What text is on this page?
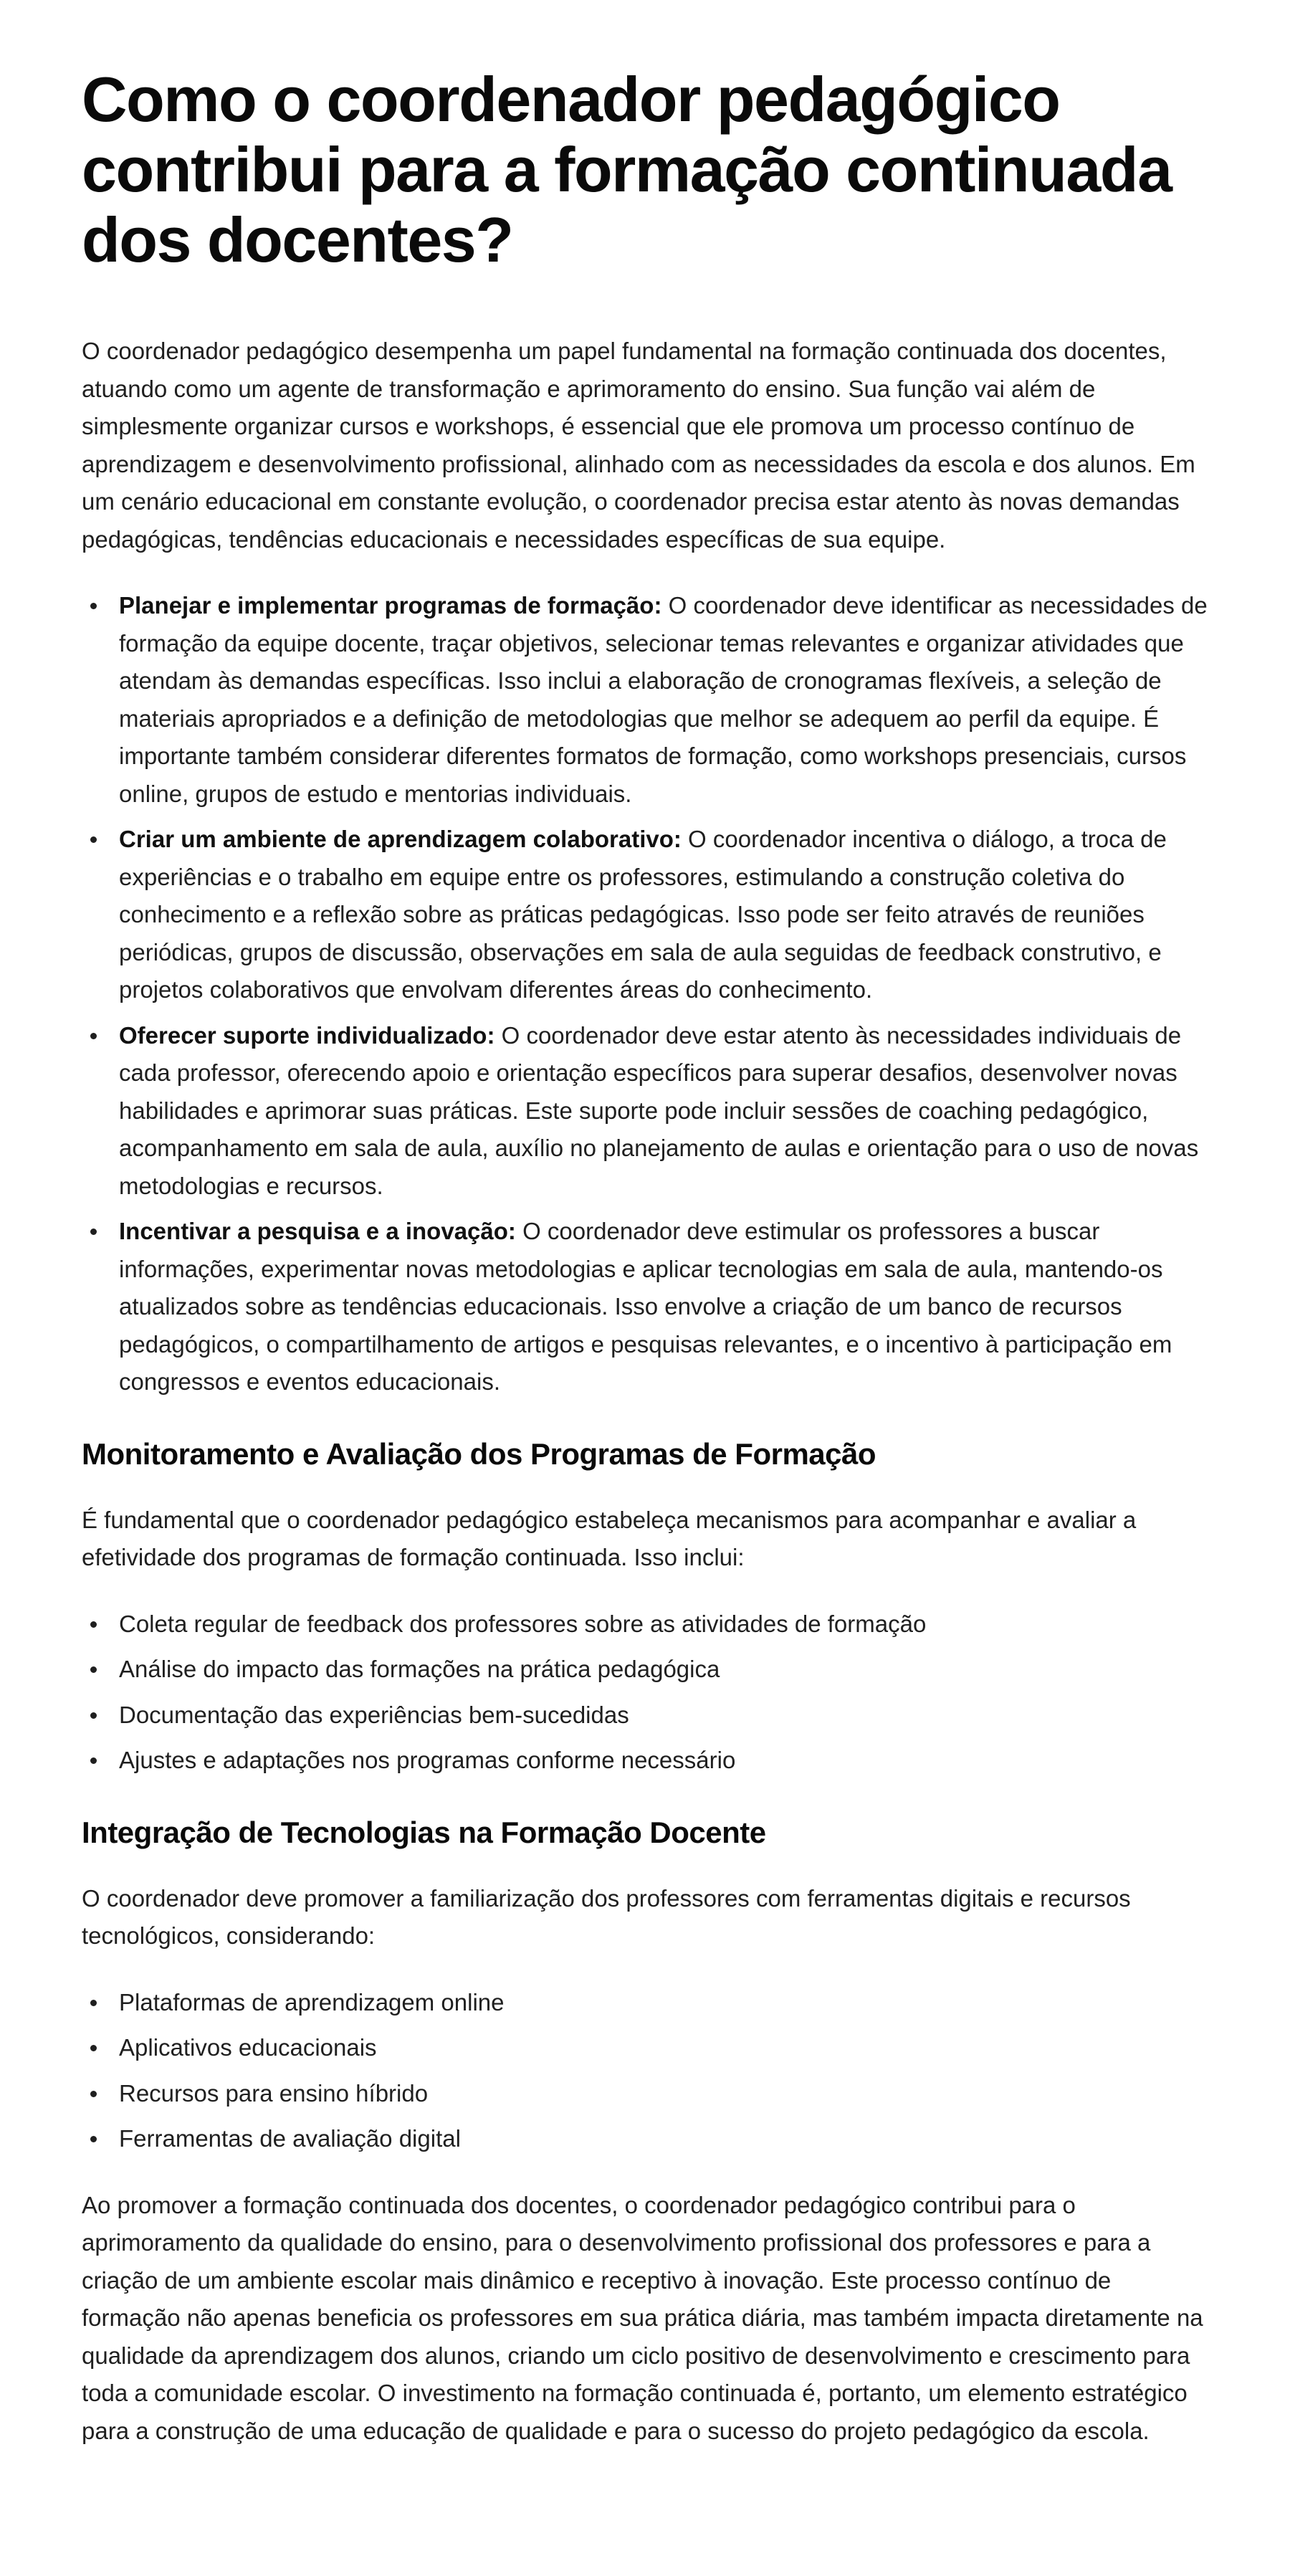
Como o coordenador pedagógico contribui para a formação continuada dos docentes?

O coordenador pedagógico desempenha um papel fundamental na formação continuada dos docentes, atuando como um agente de transformação e aprimoramento do ensino. Sua função vai além de simplesmente organizar cursos e workshops, é essencial que ele promova um processo contínuo de aprendizagem e desenvolvimento profissional, alinhado com as necessidades da escola e dos alunos. Em um cenário educacional em constante evolução, o coordenador precisa estar atento às novas demandas pedagógicas, tendências educacionais e necessidades específicas de sua equipe.

Planejar e implementar programas de formação: O coordenador deve identificar as necessidades de formação da equipe docente, traçar objetivos, selecionar temas relevantes e organizar atividades que atendam às demandas específicas. Isso inclui a elaboração de cronogramas flexíveis, a seleção de materiais apropriados e a definição de metodologias que melhor se adequem ao perfil da equipe. É importante também considerar diferentes formatos de formação, como workshops presenciais, cursos online, grupos de estudo e mentorias individuais.
Criar um ambiente de aprendizagem colaborativo: O coordenador incentiva o diálogo, a troca de experiências e o trabalho em equipe entre os professores, estimulando a construção coletiva do conhecimento e a reflexão sobre as práticas pedagógicas. Isso pode ser feito através de reuniões periódicas, grupos de discussão, observações em sala de aula seguidas de feedback construtivo, e projetos colaborativos que envolvam diferentes áreas do conhecimento.
Oferecer suporte individualizado: O coordenador deve estar atento às necessidades individuais de cada professor, oferecendo apoio e orientação específicos para superar desafios, desenvolver novas habilidades e aprimorar suas práticas. Este suporte pode incluir sessões de coaching pedagógico, acompanhamento em sala de aula, auxílio no planejamento de aulas e orientação para o uso de novas metodologias e recursos.
Incentivar a pesquisa e a inovação: O coordenador deve estimular os professores a buscar informações, experimentar novas metodologias e aplicar tecnologias em sala de aula, mantendo-os atualizados sobre as tendências educacionais. Isso envolve a criação de um banco de recursos pedagógicos, o compartilhamento de artigos e pesquisas relevantes, e o incentivo à participação em congressos e eventos educacionais.
Monitoramento e Avaliação dos Programas de Formação

É fundamental que o coordenador pedagógico estabeleça mecanismos para acompanhar e avaliar a efetividade dos programas de formação continuada. Isso inclui:

Coleta regular de feedback dos professores sobre as atividades de formação
Análise do impacto das formações na prática pedagógica
Documentação das experiências bem-sucedidas
Ajustes e adaptações nos programas conforme necessário
Integração de Tecnologias na Formação Docente

O coordenador deve promover a familiarização dos professores com ferramentas digitais e recursos tecnológicos, considerando:

Plataformas de aprendizagem online
Aplicativos educacionais
Recursos para ensino híbrido
Ferramentas de avaliação digital

Ao promover a formação continuada dos docentes, o coordenador pedagógico contribui para o aprimoramento da qualidade do ensino, para o desenvolvimento profissional dos professores e para a criação de um ambiente escolar mais dinâmico e receptivo à inovação. Este processo contínuo de formação não apenas beneficia os professores em sua prática diária, mas também impacta diretamente na qualidade da aprendizagem dos alunos, criando um ciclo positivo de desenvolvimento e crescimento para toda a comunidade escolar. O investimento na formação continuada é, portanto, um elemento estratégico para a construção de uma educação de qualidade e para o sucesso do projeto pedagógico da escola.
